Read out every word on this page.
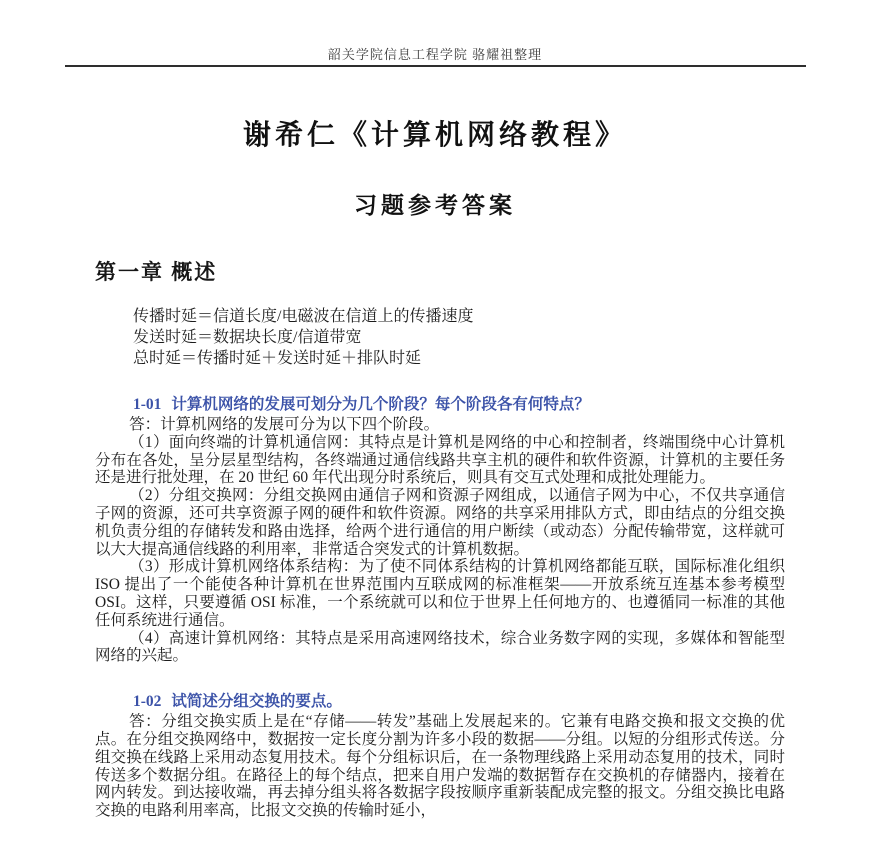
韶关学院信息工程学院 骆耀祖整理
谢希仁《计算机网络教程》
习题参考答案
第一章 概述
传播时延＝信道长度/电磁波在信道上的传播速度
发送时延＝数据块长度/信道带宽
总时延＝传播时延＋发送时延＋排队时延
1-01 计算机网络的发展可划分为几个阶段？每个阶段各有何特点？

答：计算机网络的发展可分为以下四个阶段。

（1）面向终端的计算机通信网：其特点是计算机是网络的中心和控制者，终端围绕中心计算机分布在各处，呈分层星型结构，各终端通过通信线路共享主机的硬件和软件资源，计算机的主要任务还是进行批处理，在 20 世纪 60 年代出现分时系统后，则具有交互式处理和成批处理能力。

（2）分组交换网：分组交换网由通信子网和资源子网组成，以通信子网为中心，不仅共享通信子网的资源，还可共享资源子网的硬件和软件资源。网络的共享采用排队方式，即由结点的分组交换机负责分组的存储转发和路由选择，给两个进行通信的用户断续（或动态）分配传输带宽，这样就可以大大提高通信线路的利用率，非常适合突发式的计算机数据。

（3）形成计算机网络体系结构：为了使不同体系结构的计算机网络都能互联，国际标准化组织 ISO 提出了一个能使各种计算机在世界范围内互联成网的标准框架——开放系统互连基本参考模型 OSI。这样，只要遵循 OSI 标准，一个系统就可以和位于世界上任何地方的、也遵循同一标准的其他任何系统进行通信。

（4）高速计算机网络：其特点是采用高速网络技术，综合业务数字网的实现，多媒体和智能型网络的兴起。

1-02 试简述分组交换的要点。

答：分组交换实质上是在“存储——转发”基础上发展起来的。它兼有电路交换和报文交换的优点。在分组交换网络中，数据按一定长度分割为许多小段的数据——分组。以短的分组形式传送。分组交换在线路上采用动态复用技术。每个分组标识后，在一条物理线路上采用动态复用的技术，同时传送多个数据分组。在路径上的每个结点，把来自用户发端的数据暂存在交换机的存储器内，接着在网内转发。到达接收端，再去掉分组头将各数据字段按顺序重新装配成完整的报文。分组交换比电路交换的电路利用率高，比报文交换的传输时延小，
